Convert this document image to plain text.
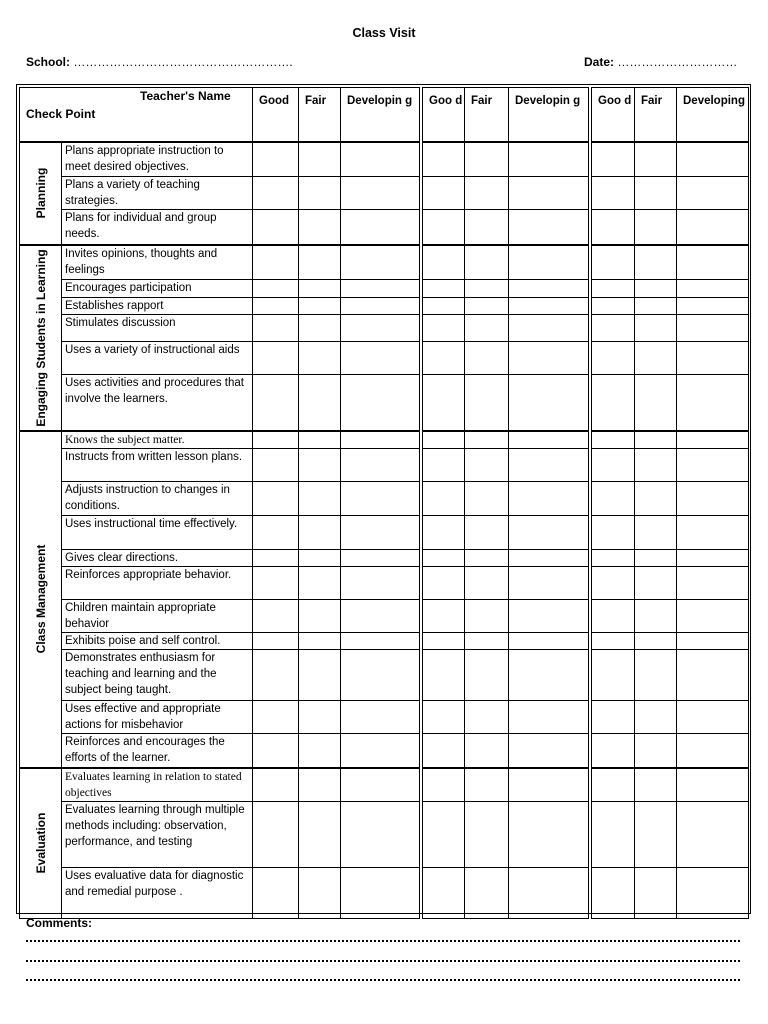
Class Visit
School: ……………………………………………….	Date: …………………………
Teacher's Name
Check Point		Good	Fair	Developin g		Goo d	Fair	Developin g		Goo d	Fair	Developing

Planning	Plans appropriate instruction to meet desired objectives.											
	Plans a variety of teaching strategies.											
	Plans for individual and group needs.											

Engaging Students in Learning	Invites opinions, thoughts and feelings											
	Encourages participation											
	Establishes rapport											
	Stimulates discussion											
	Uses a variety of instructional aids											
	Uses activities and procedures that involve the learners.											

Class Management	Knows the subject matter.											
	Instructs from written lesson plans.											
	Adjusts instruction to changes in conditions.											
	Uses instructional time effectively.											
	Gives clear directions.											
	Reinforces appropriate behavior.											
	Children maintain appropriate behavior											
	Exhibits poise and self control.											
	Demonstrates enthusiasm for teaching and learning and the subject being taught.											
	Uses effective and appropriate actions for misbehavior											
	Reinforces and encourages the efforts of the learner.											

Evaluation	Evaluates learning in relation to stated objectives											
	Evaluates learning through multiple methods including: observation, performance, and testing											
	Uses evaluative data for diagnostic and remedial purpose .											
Comments:
